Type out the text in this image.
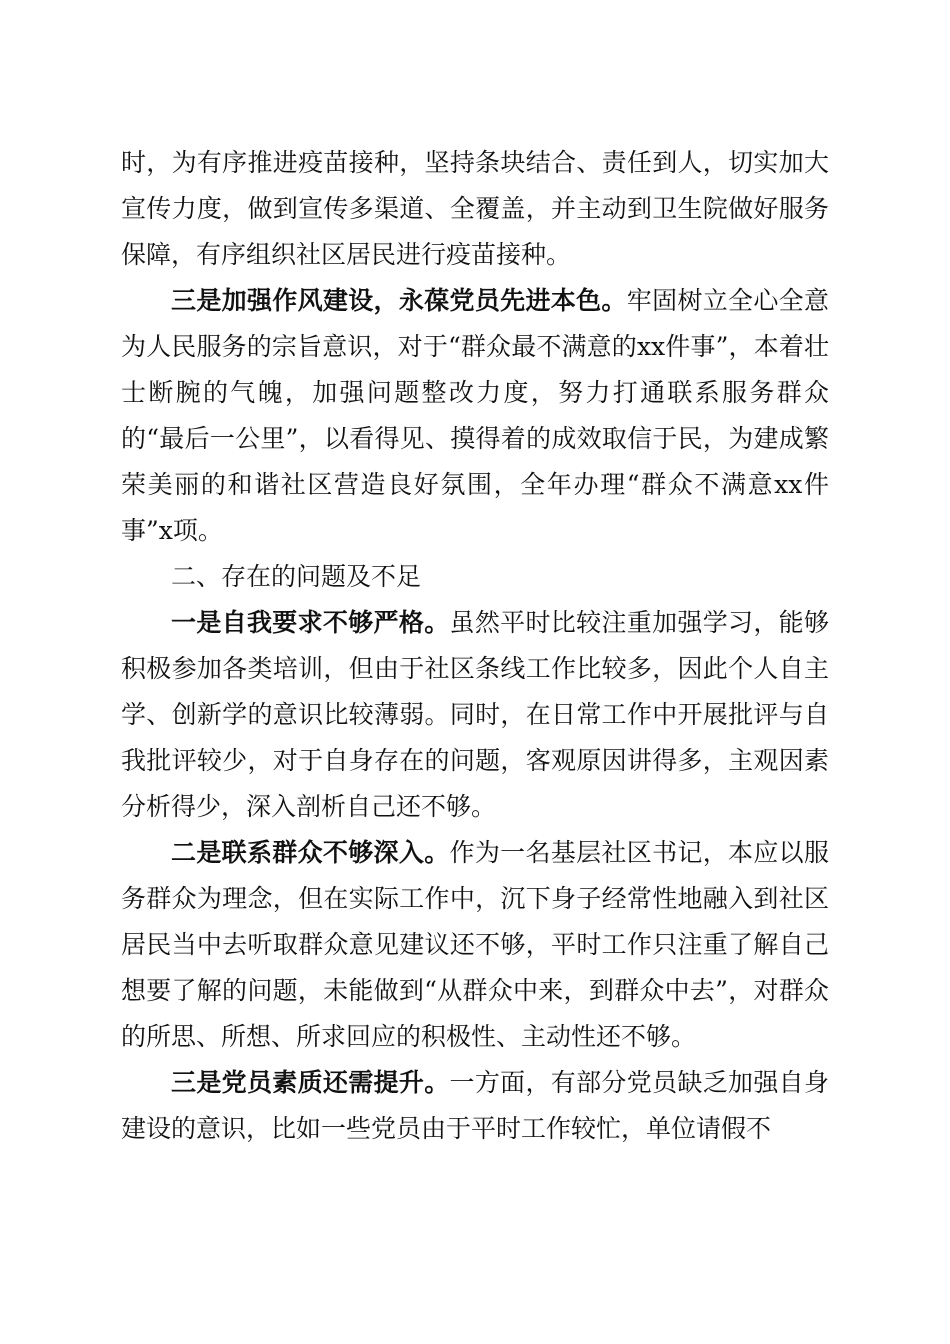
时，为有序推进疫苗接种，坚持条块结合、责任到人，切实加大宣传力度，做到宣传多渠道、全覆盖，并主动到卫生院做好服务保障，有序组织社区居民进行疫苗接种。

三是加强作风建设，永葆党员先进本色。牢固树立全心全意为人民服务的宗旨意识，对于“群众最不满意的xx件事”，本着壮士断腕的气魄，加强问题整改力度，努力打通联系服务群众的“最后一公里”，以看得见、摸得着的成效取信于民，为建成繁荣美丽的和谐社区营造良好氛围，全年办理“群众不满意xx件事”x项。

二、存在的问题及不足

一是自我要求不够严格。虽然平时比较注重加强学习，能够积极参加各类培训，但由于社区条线工作比较多，因此个人自主学、创新学的意识比较薄弱。同时，在日常工作中开展批评与自我批评较少，对于自身存在的问题，客观原因讲得多，主观因素分析得少，深入剖析自己还不够。

二是联系群众不够深入。作为一名基层社区书记，本应以服务群众为理念，但在实际工作中，沉下身子经常性地融入到社区居民当中去听取群众意见建议还不够，平时工作只注重了解自己想要了解的问题，未能做到“从群众中来，到群众中去”，对群众的所思、所想、所求回应的积极性、主动性还不够。

三是党员素质还需提升。一方面，有部分党员缺乏加强自身建设的意识，比如一些党员由于平时工作较忙，单位请假不
